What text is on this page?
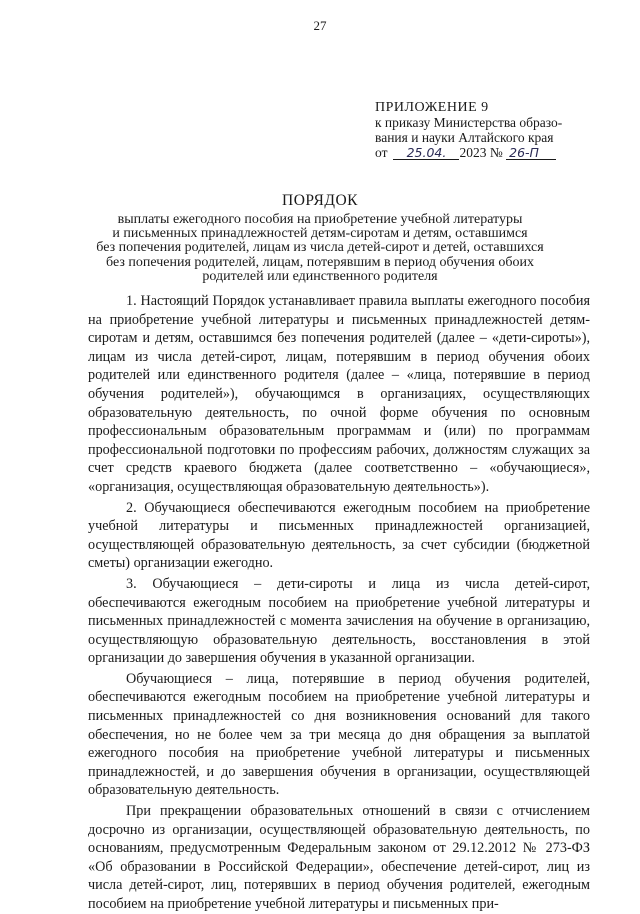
27
ПРИЛОЖЕНИЕ 9
к приказу Министерства образо-
вания и науки Алтайского края
от 25.04. 2023 № 26-П
ПОРЯДОК
выплаты ежегодного пособия на приобретение учебной литературы
и письменных принадлежностей детям-сиротам и детям, оставшимся
без попечения родителей, лицам из числа детей-сирот и детей, оставшихся
без попечения родителей, лицам, потерявшим в период обучения обоих
родителей или единственного родителя

1. Настоящий Порядок устанавливает правила выплаты ежегодного пособия на приобретение учебной литературы и письменных принадлежностей детям-сиротам и детям, оставшимся без попечения родителей (далее – «дети-сироты»), лицам из числа детей-сирот, лицам, потерявшим в период обучения обоих родителей или единственного родителя (далее – «лица, потерявшие в период обучения родителей»), обучающимся в организациях, осуществляющих образовательную деятельность, по очной форме обучения по основным профессиональным образовательным программам и (или) по программам профессиональной подготовки по профессиям рабочих, должностям служащих за счет средств краевого бюджета (далее соответственно – «обучающиеся», «организация, осуществляющая образовательную деятельность»).

2. Обучающиеся обеспечиваются ежегодным пособием на приобретение учебной литературы и письменных принадлежностей организацией, осуществляющей образовательную деятельность, за счет субсидии (бюджетной сметы) организации ежегодно.

3. Обучающиеся – дети-сироты и лица из числа детей-сирот, обеспечиваются ежегодным пособием на приобретение учебной литературы и письменных принадлежностей с момента зачисления на обучение в организацию, осуществляющую образовательную деятельность, восстановления в этой организации до завершения обучения в указанной организации.

Обучающиеся – лица, потерявшие в период обучения родителей, обеспечиваются ежегодным пособием на приобретение учебной литературы и письменных принадлежностей со дня возникновения оснований для такого обеспечения, но не более чем за три месяца до дня обращения за выплатой ежегодного пособия на приобретение учебной литературы и письменных принадлежностей, и до завершения обучения в организации, осуществляющей образовательную деятельность.

При прекращении образовательных отношений в связи с отчислением досрочно из организации, осуществляющей образовательную деятельность, по основаниям, предусмотренным Федеральным законом от 29.12.2012 № 273-ФЗ «Об образовании в Российской Федерации», обеспечение детей-сирот, лиц из числа детей-сирот, лиц, потерявших в период обучения родителей, ежегодным пособием на приобретение учебной литературы и письменных при-
